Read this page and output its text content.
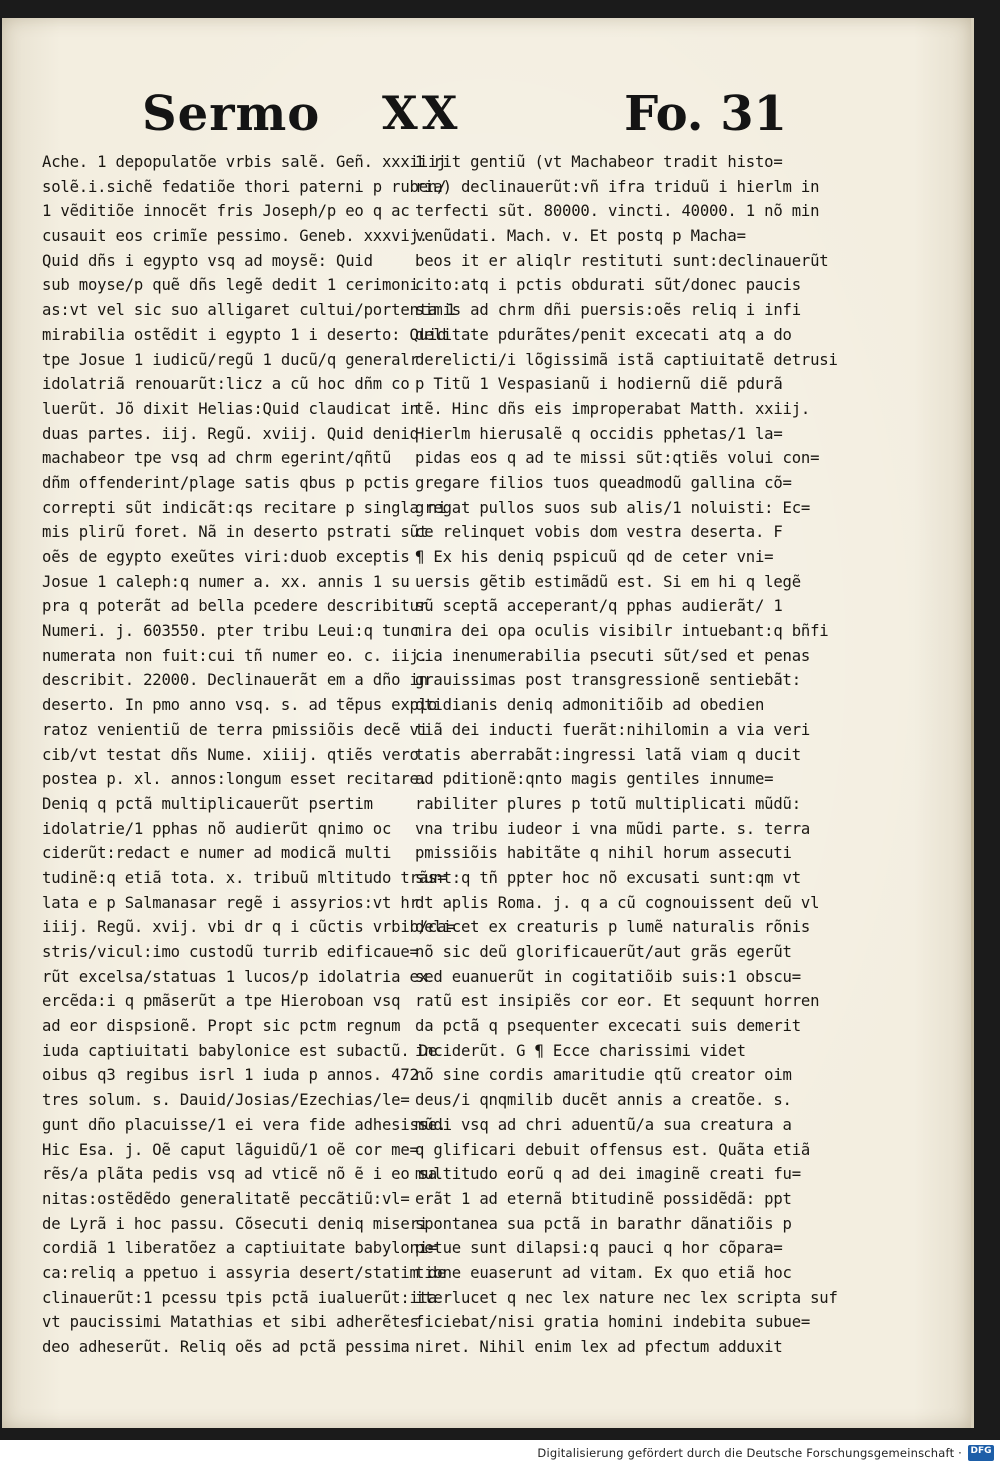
Sermo XX	Fo. 31
Ache. 1 depopulatõe vrbis salẽ. Geñ. xxxiiij
solẽ.i.sichẽ fedatiõe thori paterni p ruben/
1 vẽditiõe innocẽt fris Joseph/p eo q ac
cusauit eos crimĩe pessimo. Geneb. xxxvij.
Quid dñs i egypto vsq ad moysẽ: Quid
sub moyse/p quẽ dñs legẽ dedit 1 cerimoni
as:vt vel sic suo alligaret cultui/portenta 1
mirabilia ostẽdit i egypto 1 i deserto: Quid
tpe Josue 1 iudicũ/regũ 1 ducũ/q generalr
idolatriã renouarũt:licz a cũ hoc dñm co
luerũt. Jõ dixit Helias:Quid claudicat in
duas partes. iij. Regũ. xviij. Quid deniq
machabeor tpe vsq ad chrm egerint/qñtũ
dñm offenderint/plage satis qbus p pctis
correpti sũt indicãt:qs recitare p singla ni
mis plirũ foret. Nã in deserto pstrati sũt
oẽs de egypto exeũtes viri:duob exceptis
Josue 1 caleph:q numer a. xx. annis 1 su
pra q poterãt ad bella pcedere describitur
Numeri. j. 603550. pter tribu Leui:q tunc
numerata non fuit:cui tñ numer eo. c. iij.
describit. 22000. Declinauerãt em a dño in
deserto. In pmo anno vsq. s. ad tẽpus explo
ratoz venientiũ de terra pmissiõis decẽ vi
cib/vt testat dñs Nume. xiiij. qtiẽs vero
postea p. xl. annos:longum esset recitare.
Deniq q pctã multiplicauerũt psertim
idolatrie/1 pphas nõ audierũt qnimo oc
ciderũt:redact e numer ad modicã multi
tudinẽ:q etiã tota. x. tribuũ mltitudo trãs=
lata e p Salmanasar regẽ i assyrios:vt hr
iiij. Regũ. xvij. vbi dr q i cũctis vrbib/ca=
stris/vicul:imo custodũ turrib edificaue=
rũt excelsa/statuas 1 lucos/p idolatria ex
ercẽda:i q pmãserũt a tpe Hieroboan vsq
ad eor dispsionẽ. Propt sic pctm regnum
iuda captiuitati babylonice est subactũ. De
oibus q3 regibus isrl 1 iuda p annos. 472.
tres solum. s. Dauid/Josias/Ezechias/le=
gunt dño placuisse/1 ei vera fide adhesisse.
Hic Esa. j. Oẽ caput lãguidũ/1 oẽ cor me=
rẽs/a plãta pedis vsq ad vticẽ nõ ẽ i eo sa
nitas:ostẽdẽdo generalitatẽ peccãtiũ:vl=
de Lyrã i hoc passu. Cõsecuti deniq miseri
cordiã 1 liberatõez a captiuitate babyloni=
ca:reliq a ppetuo i assyria desert/statim de
clinauerũt:1 pcessu tpis pctã iualuerũt:ita
vt paucissimi Matathias et sibi adherẽtes
deo adheserũt. Reliq oẽs ad pctã pessima
1 rit gentiũ (vt Machabeor tradit histo=
ria) declinauerũt:vñ ifra triduũ i hierlm in
terfecti sũt. 80000. vincti. 40000. 1 nõ min
venũdati. Mach. v. Et postq p Macha=
beos it er aliqlr restituti sunt:declinauerũt
cito:atq i pctis obdurati sũt/donec paucis
simis ad chrm dñi puersis:oẽs reliq i infi
delitate pdurãtes/penit excecati atq a do
derelicti/i lõgissimã istã captiuitatẽ detrusi
p Titũ 1 Vespasianũ i hodiernũ diẽ pdurã
tẽ. Hinc dñs eis improperabat Matth. xxiij.
Hierlm hierusalẽ q occidis pphetas/1 la=
pidas eos q ad te missi sũt:qtiẽs volui con=
gregare filios tuos queadmodũ gallina cõ=
gregat pullos suos sub alis/1 noluisti: Ec=
ce relinquet vobis dom vestra deserta. F
¶ Ex his deniq pspicuũ qd de ceter vni=
uersis gẽtib estimãdũ est. Si em hi q legẽ
sũ sceptã acceperant/q pphas audierãt/ 1
mira dei opa oculis visibilr intuebant:q bñfi
cia inenumerabilia psecuti sũt/sed et penas
grauissimas post transgressionẽ sentiebãt:
qtidianis deniq admonitiõib ad obedien
tiã dei inducti fuerãt:nihilomin a via veri
tatis aberrabãt:ingressi latã viam q ducit
ad pditionẽ:qnto magis gentiles innume=
rabiliter plures p totũ multiplicati mũdũ:
vna tribu iudeor i vna mũdi parte. s. terra
pmissiõis habitãte q nihil horum assecuti
sunt:q tñ ppter hoc nõ excusati sunt:qm vt
dt aplis Roma. j. q a cũ cognouissent deũ vl
delicet ex creaturis p lumẽ naturalis rõnis
nõ sic deũ glorificauerũt/aut grãs egerũt
sed euanuerũt in cogitatiõib suis:1 obscu=
ratũ est insipiẽs cor eor. Et sequunt horren
da pctã q psequenter excecati suis demerit
inciderũt. G ¶ Ecce charissimi videt
nõ sine cordis amaritudie qtũ creator oim
deus/i qnqmilib ducẽt annis a creatõe. s.
mũdi vsq ad chri aduentũ/a sua creatura a
q glificari debuit offensus est. Quãta etiã
multitudo eorũ q ad dei imaginẽ creati fu=
erãt 1 ad eternã btitudinẽ possidẽdã: ppt
spontanea sua pctã in barathr dãnatiõis p
petue sunt dilapsi:q pauci q hor cõpara=
tione euaserunt ad vitam. Ex quo etiã hoc
iterlucet q nec lex nature nec lex scripta suf
ficiebat/nisi gratia homini indebita subue=
niret. Nihil enim lex ad pfectum adduxit
Digitalisierung gefördert durch die Deutsche Forschungsgemeinschaft · DFG
